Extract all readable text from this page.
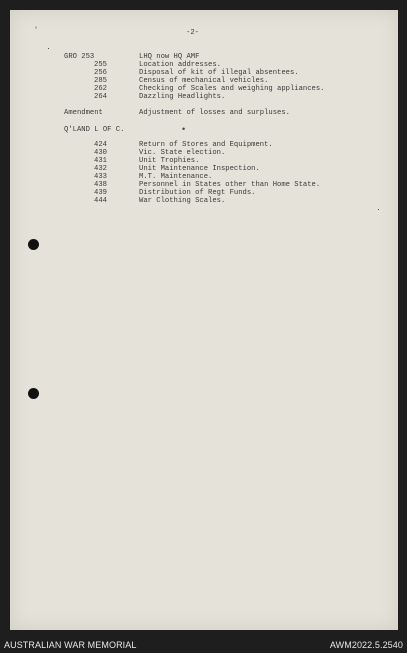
‘
․
-2-
GRO 253	LHQ now HQ AMF
255	Location addresses.
256	Disposal of kit of illegal absentees.
285	Census of mechanical vehicles.
262	Checking of Scales and weighing appliances.
264	Dazzling Headlights.
Amendment	Adjustment of losses and surpluses.
Q'LAND L OF C.	•
424	Return of Stores and Equipment.
430	Vic. State election.
431	Unit Trophies.
432	Unit Maintenance Inspection.
433	M.T. Maintenance.
438	Personnel in States other than Home State.
439	Distribution of Regt Funds.
444	War Clothing Scales.
․
AUSTRALIAN WAR MEMORIAL	AWM2022.5.2540
